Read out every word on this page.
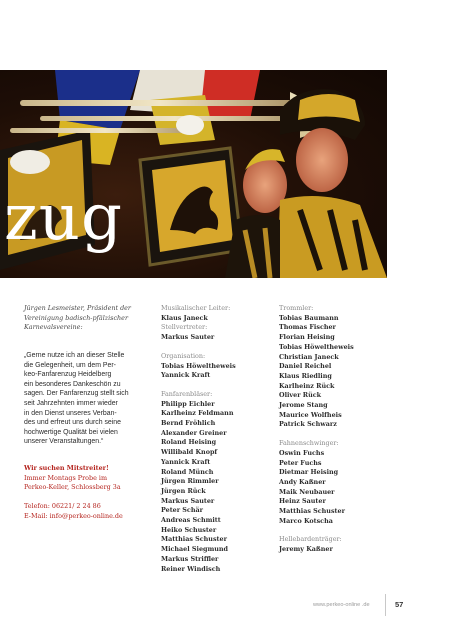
zug

Jürgen Lesmeister, Präsident der Vereinigung badisch-pfälzischer Karnevalsvereine:

„Gerne nutze ich an dieser Stelle
die Gelegenheit, um dem Per-
keo-Fanfarenzug Heidelberg
ein besonderes Dankeschön zu
sagen. Der Fanfarenzug stellt sich
seit Jahrzehnten immer wieder
in den Dienst unseres Verban-
des und erfreut uns durch seine
hochwertige Qualität bei vielen
unserer Veranstaltungen.“

Wir suchen Mitstreiter!

Immer Montags Probe im

Perkeo-Keller, Schlossberg 3a

Telefon: 06221/ 2 24 86

E-Mail: info@perkeo-online.de

Musikalischer Leiter:

Klaus Janeck

Stellvertreter:

Markus Sauter

Organisation:

Tobias Höweltheweis

Yannick Kraft

Fanfarenbläser:

Philipp Eichler

Karlheinz Feldmann

Bernd Fröhlich

Alexander Greiner

Roland Heising

Willibald Knopf

Yannick Kraft

Roland Münch

Jürgen Rimmler

Jürgen Rück

Markus Sauter

Peter Schär

Andreas Schmitt

Heiko Schuster

Matthias Schuster

Michael Siegmund

Markus Striffler

Reiner Windisch

Trommler:

Tobias Baumann

Thomas Fischer

Florian Heising

Tobias Höweltheweis

Christian Janeck

Daniel Reichel

Klaus Riedling

Karlheinz Rück

Oliver Rück

Jerome Stang

Maurice Wolfheis

Patrick Schwarz

Fahnenschwinger:

Oswin Fuchs

Peter Fuchs

Dietmar Heising

Andy Kaßner

Maik Neubauer

Heinz Sauter

Matthias Schuster

Marco Kotscha

Hellebardenträger:

Jeremy Kaßner

www.perkeo-online .de	57
